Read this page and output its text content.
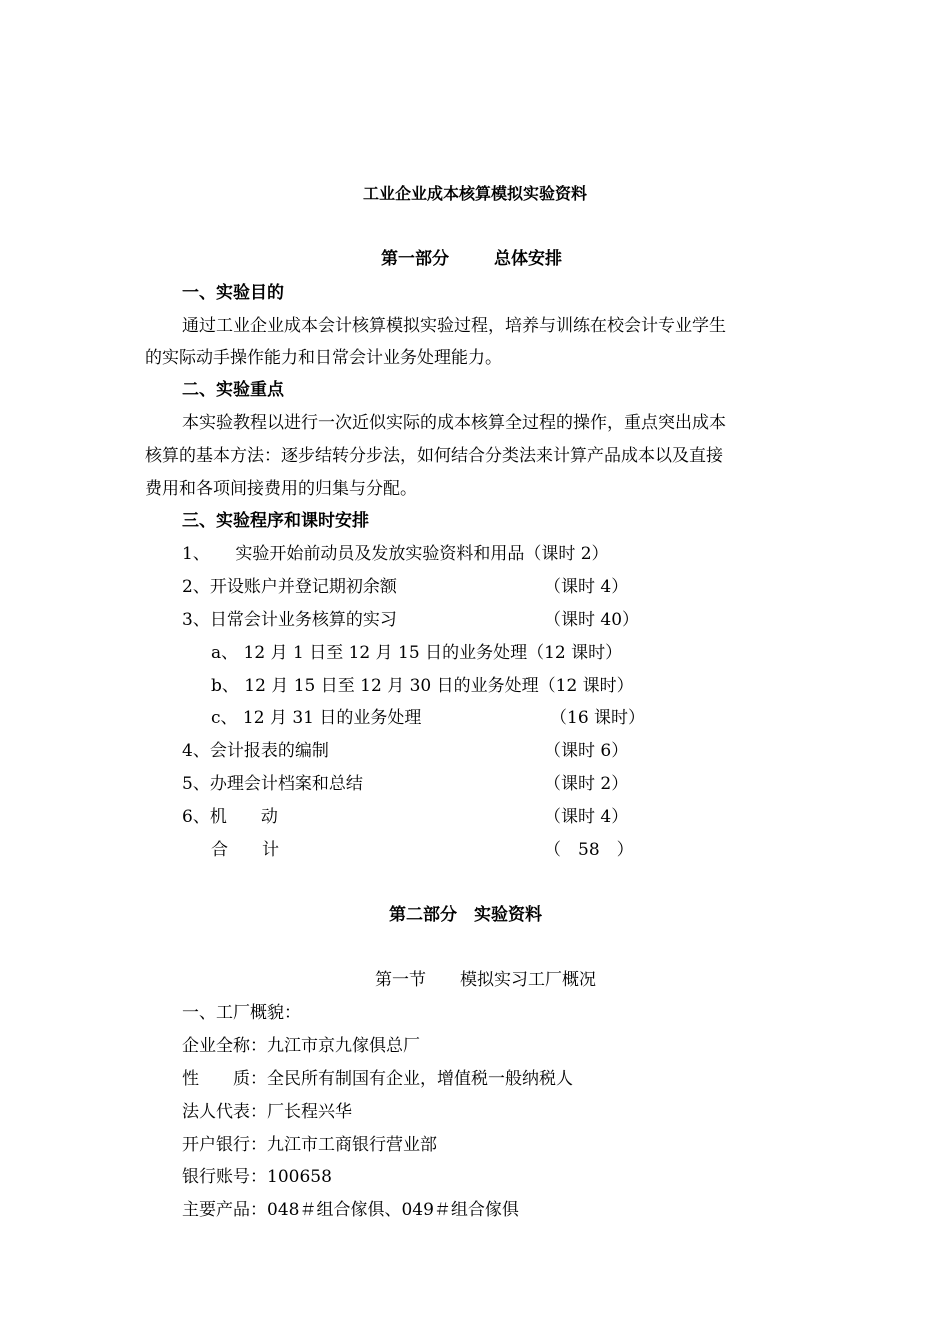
工业企业成本核算模拟实验资料
第一部分	总体安排
一、实验目的
通过工业企业成本会计核算模拟实验过程，培养与训练在校会计专业学生
的实际动手操作能力和日常会计业务处理能力。
二、实验重点
本实验教程以进行一次近似实际的成本核算全过程的操作，重点突出成本
核算的基本方法：逐步结转分步法，如何结合分类法来计算产品成本以及直接
费用和各项间接费用的归集与分配。
三、实验程序和课时安排
1、　　实验开始前动员及发放实验资料和用品（课时 2）
2、开设账户并登记期初余额	（课时 4）
3、日常会计业务核算的实习	（课时 40）
a、 12 月 1 日至 12 月 15 日的业务处理（12 课时）
b、 12 月 15 日至 12 月 30 日的业务处理（12 课时）
c、 12 月 31 日的业务处理	（16 课时）
4、会计报表的编制	（课时 6）
5、办理会计档案和总结	（课时 2）
6、机　　动	（课时 4）
合　　计	（　58　）
第二部分　实验资料
第一节　　模拟实习工厂概况
一、工厂概貌：
企业全称：九江市京九傢俱总厂
性　　质：全民所有制国有企业，增值税一般纳税人
法人代表：厂长程兴华
开户银行：九江市工商银行营业部
银行账号：100658
主要产品：048＃组合傢俱、049＃组合傢俱
